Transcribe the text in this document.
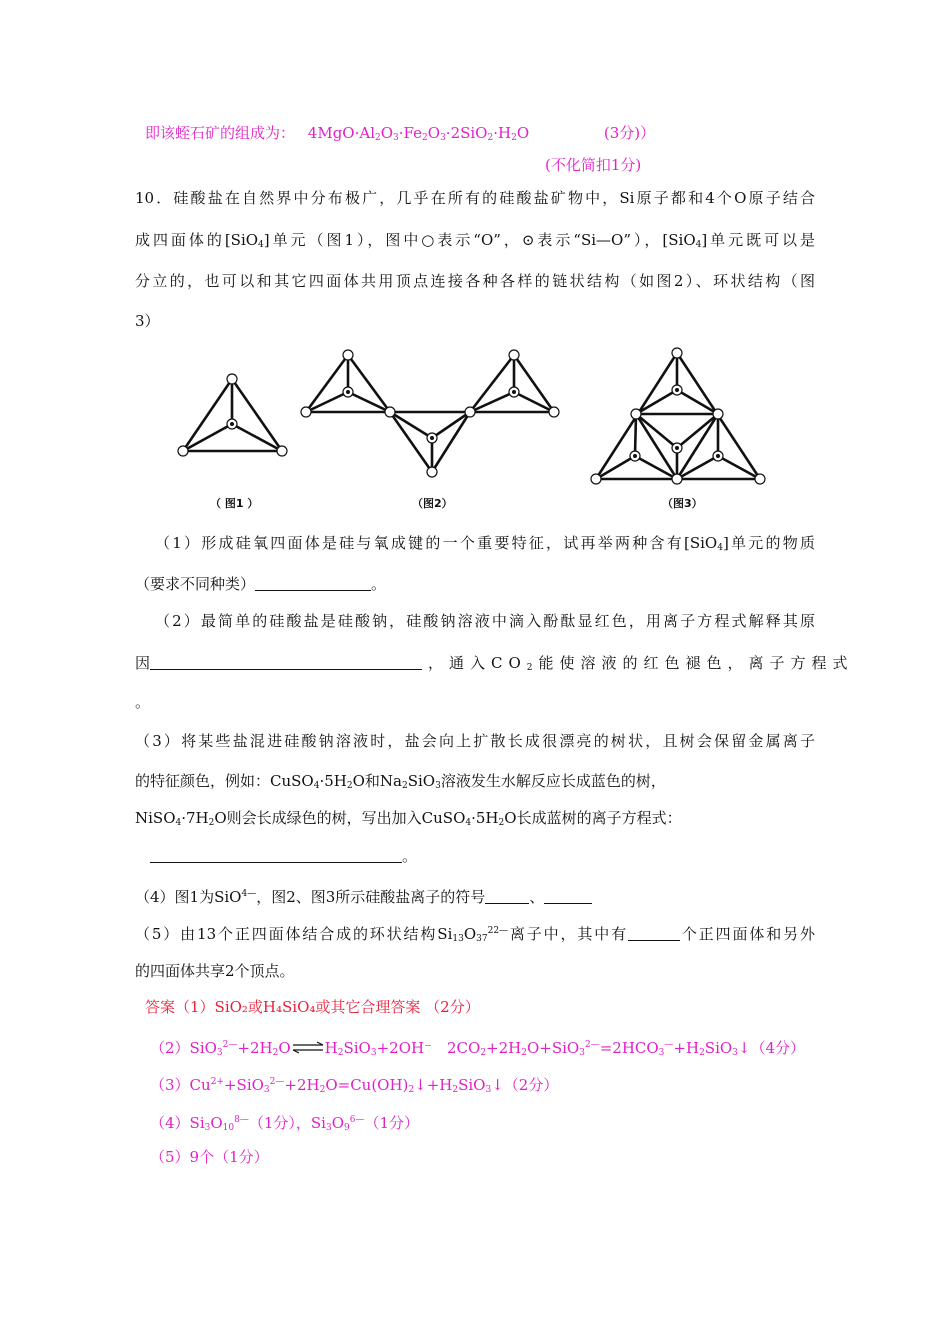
即该蛭石矿的组成为： $4MgO\cdot Al_2O_3\cdot Fe_2O_3\cdot 2SiO_2\cdot H_2O$	(3分)）
(不化简扣1分)
10．硅酸盐在自然界中分布极广，几乎在所有的硅酸盐矿物中，Si原子都和4个O原子结合
成四面体的[SiO$_4$]单元（图1），图中○表示“O”，⊙表示“Si—O”），[SiO$_4$]单元既可以是
分立的，也可以和其它四面体共用顶点连接各种各样的链状结构（如图2）、环状结构（图
3）
（ 图1 ）	（图2）	（图3）
（1）形成硅氧四面体是硅与氧成键的一个重要特征，试再举两种含有[SiO$_4$]单元的物质
（要求不同种类）	。
（2）最简单的硅酸盐是硅酸钠，硅酸钠溶液中滴入酚酞显红色，用离子方程式解释其原
因	，通入$CO_2$能使溶液的红色褪色，离子方程式
。
（3）将某些盐混进硅酸钠溶液时，盐会向上扩散长成很漂亮的树状，且树会保留金属离子
的特征颜色，例如：$CuSO_4\cdot 5H_2O$和$Na_2SiO_3$溶液发生水解反应长成蓝色的树，
$NiSO_4\cdot 7H_2O$则会长成绿色的树，写出加入$CuSO_4\cdot 5H_2O$长成蓝树的离子方程式：
。
（4）图1为SiO$^{4—}$，图2、图3所示硅酸盐离子的符号	、
（5）由13个正四面体结合成的环状结构$Si_{13}O_{37}^{22—}$离子中，其中有	个正四面体和另外
的四面体共享2个顶点。
答案（1）SiO₂或H₄SiO₄或其它合理答案 （2分）
$(2)SiO_3^{2—}+2H_2O\rightleftharpoons H_2SiO_3+2OH^-$　$2CO_2+2H_2O+SiO_3^{2—}=2HCO_3^—+H_2SiO_3↓(4$分）
$(3)Cu^{2+}+SiO_3^{2—}+2H_2O=Cu(OH)_2↓+H_2SiO_3↓(2$分）
$(4)Si_3O_{10}^{8—}(1$分），$Si_3O_9^{6—}(1$分）
（5）9个（1分）
